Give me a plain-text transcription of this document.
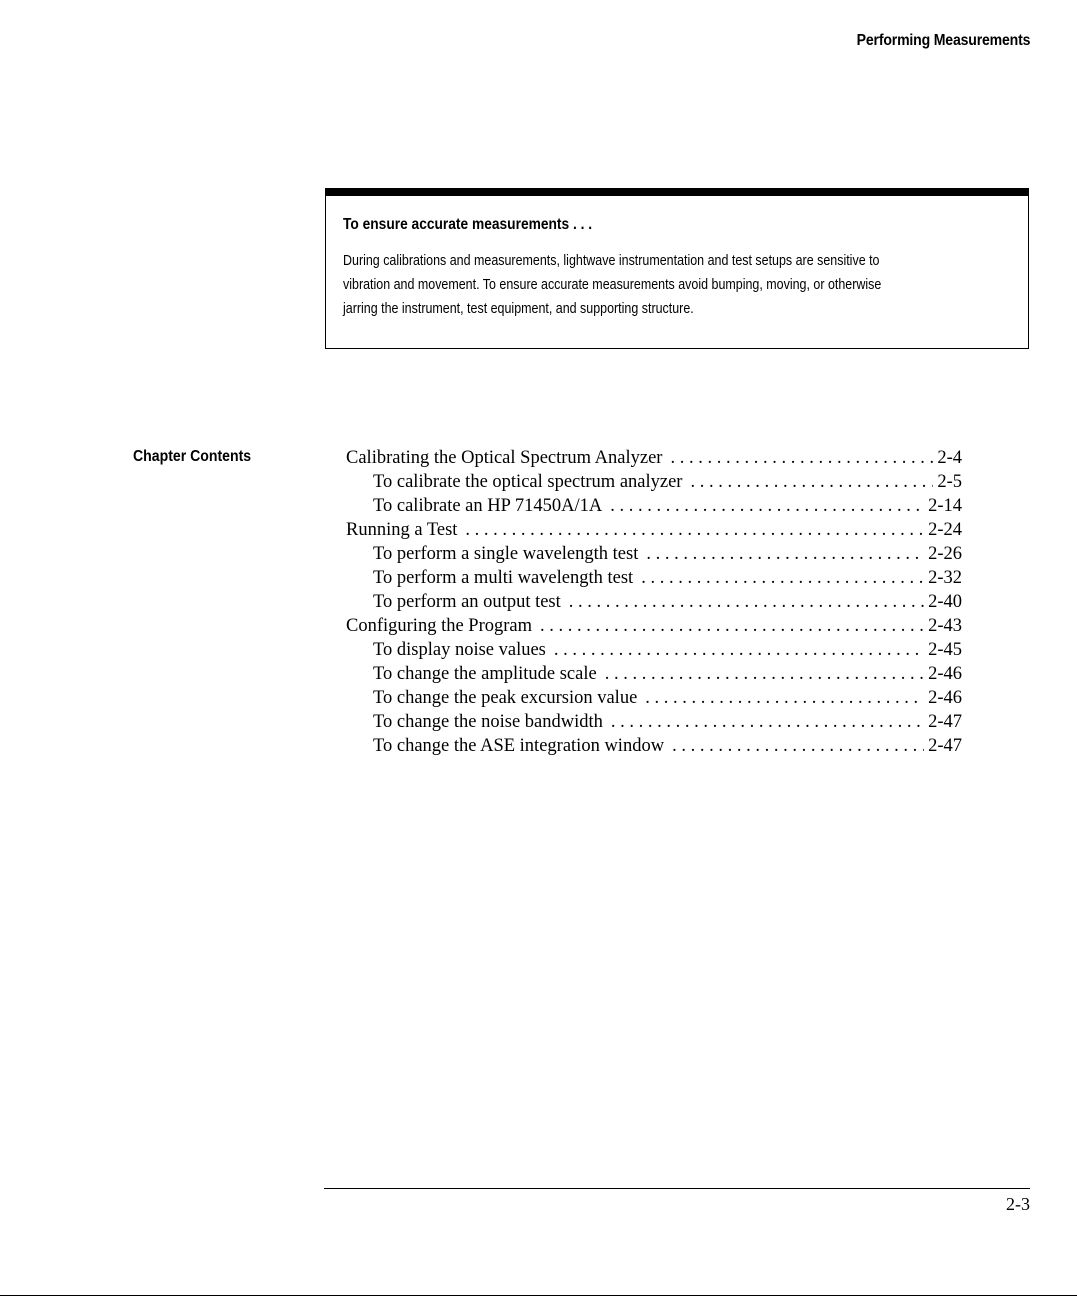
Performing Measurements
To ensure accurate measurements . . .
During calibrations and measurements, lightwave instrumentation and test setups are sensitive to
vibration and movement. To ensure accurate measurements avoid bumping, moving, or otherwise
jarring the instrument, test equipment, and supporting structure.
Chapter Contents	Calibrating the Optical Spectrum Analyzer . . .	2-4
To calibrate the optical spectrum analyzer . . .	2-5
To calibrate an HP 71450A/1A . . .	2-14
Running a Test . . .	2-24
To perform a single wavelength test . . .	2-26
To perform a multi wavelength test . . .	2-32
To perform an output test . . .	2-40
Configuring the Program . . .	2-43
To display noise values . . .	2-45
To change the amplitude scale . . .	2-46
To change the peak excursion value . . .	2-46
To change the noise bandwidth . . .	2-47
To change the ASE integration window . . .	2-47
2-3
